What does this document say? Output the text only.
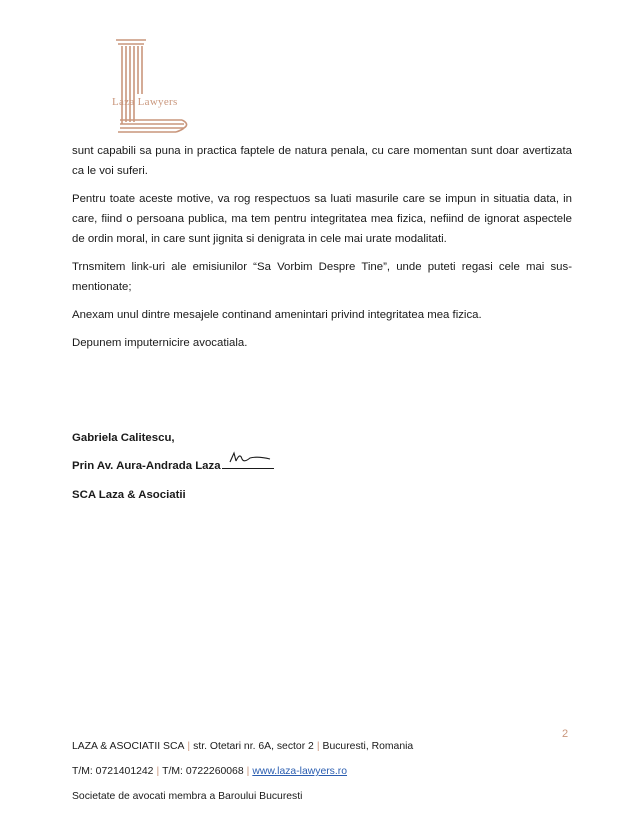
Laza Lawyers

sunt capabili sa puna in practica faptele de natura penala, cu care momentan sunt doar avertizata ca le voi suferi.

Pentru toate aceste motive, va rog respectuos sa luati masurile care se impun in situatia data, in care, fiind o persoana publica, ma tem pentru integritatea mea fizica, nefiind de ignorat aspectele de ordin moral, in care sunt jignita si denigrata in cele mai urate modalitati.

Trnsmitem link-uri ale emisiunilor “Sa Vorbim Despre Tine”, unde puteti regasi cele mai sus-mentionate;

Anexam unul dintre mesajele continand amenintari privind integritatea mea fizica.

Depunem imputernicire avocatiala.

Gabriela Calitescu,
Prin Av. Aura-Andrada Laza
SCA Laza & Asociatii
2
LAZA & ASOCIATII SCA | str. Otetari nr. 6A, sector 2 | Bucuresti, Romania
T/M: 0721401242 | T/M: 0722260068 | www.laza-lawyers.ro
Societate de avocati membra a Baroului Bucuresti
